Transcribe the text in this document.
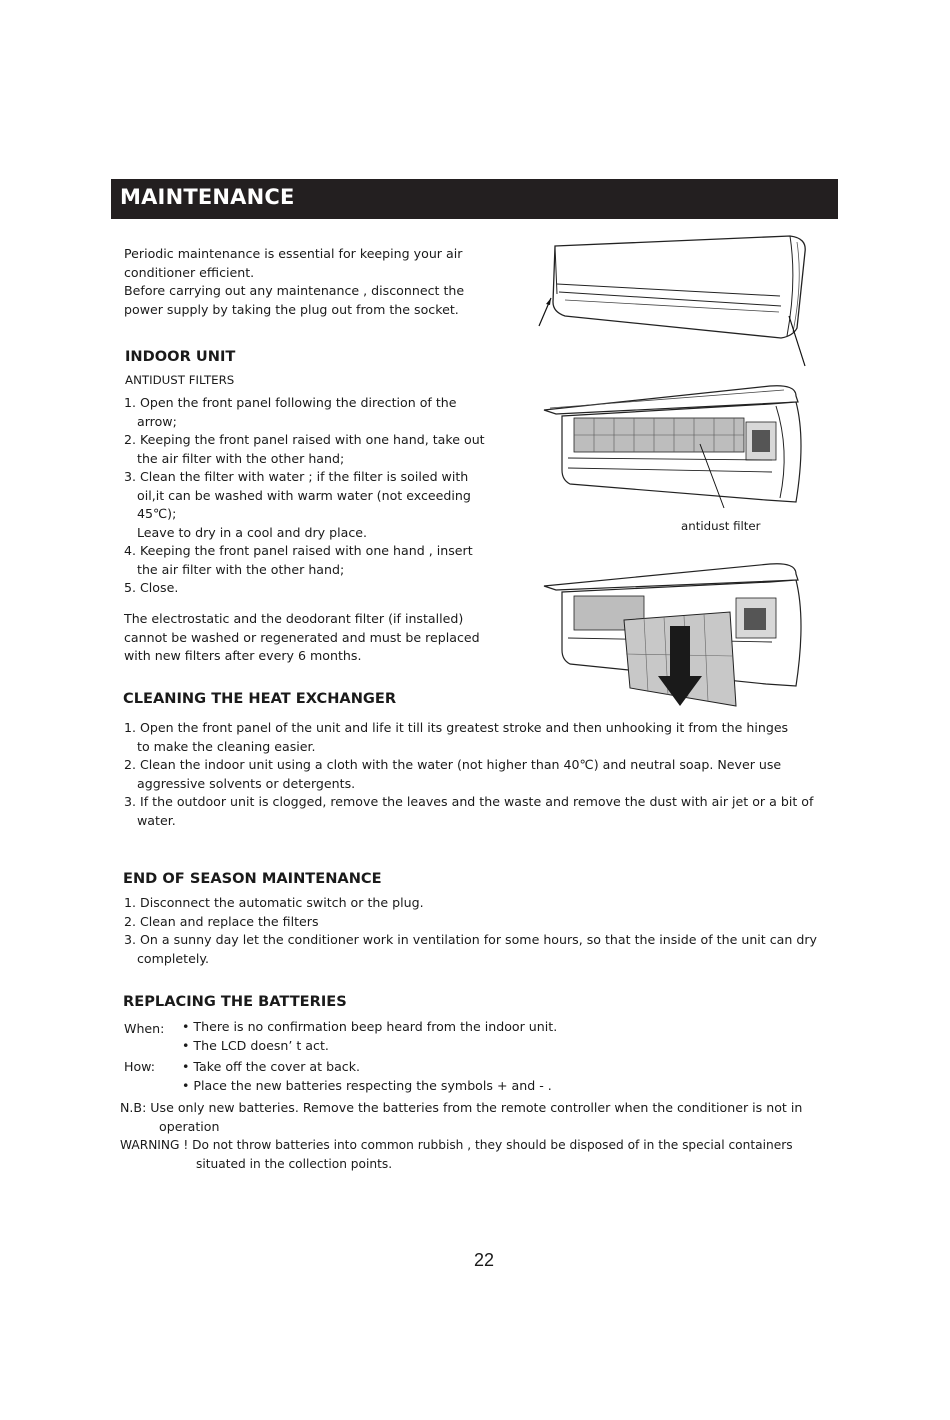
MAINTENANCE
Periodic maintenance is essential for keeping your air
conditioner efficient.
Before carrying out any maintenance , disconnect the
power supply by taking the plug out from the socket.
INDOOR UNIT
ANTIDUST FILTERS
1. Open the front panel following the direction of the
arrow;
2. Keeping the front panel raised with one hand, take out
the air filter with the other hand;
3. Clean the filter with water ; if the filter is soiled with
oil,it can be washed with warm water (not exceeding
45℃);
Leave to dry in a cool and dry place.
4. Keeping the front panel raised with one hand , insert
the air filter with the other hand;
5. Close.
The electrostatic and the deodorant filter (if installed)
cannot be washed or regenerated and must be replaced
with new filters after every 6 months.
antidust filter
CLEANING THE HEAT EXCHANGER
1. Open the front panel of the unit and life it till its greatest stroke and then unhooking it from the hinges
to make the cleaning easier.
2. Clean the indoor unit using a cloth with the water (not higher than 40℃) and neutral soap. Never use
aggressive solvents or detergents.
3. If the outdoor unit is clogged, remove the leaves and the waste and remove the dust with air jet or a bit of
water.
END OF SEASON MAINTENANCE
1. Disconnect the automatic switch or the plug.
2. Clean and replace the filters
3. On a sunny day let the conditioner work in ventilation for some hours, so that the inside of the unit can dry
completely.
REPLACING THE BATTERIES
When: • There is no confirmation beep heard from the indoor unit.
• The LCD doesn’ t act.
How: • Take off the cover at back.
• Place the new batteries respecting the symbols + and - .
N.B: Use only new batteries. Remove the batteries from the remote controller when the conditioner is not in
operation
WARNING ! Do not throw batteries into common rubbish , they should be disposed of in the special containers
situated in the collection points.
22
